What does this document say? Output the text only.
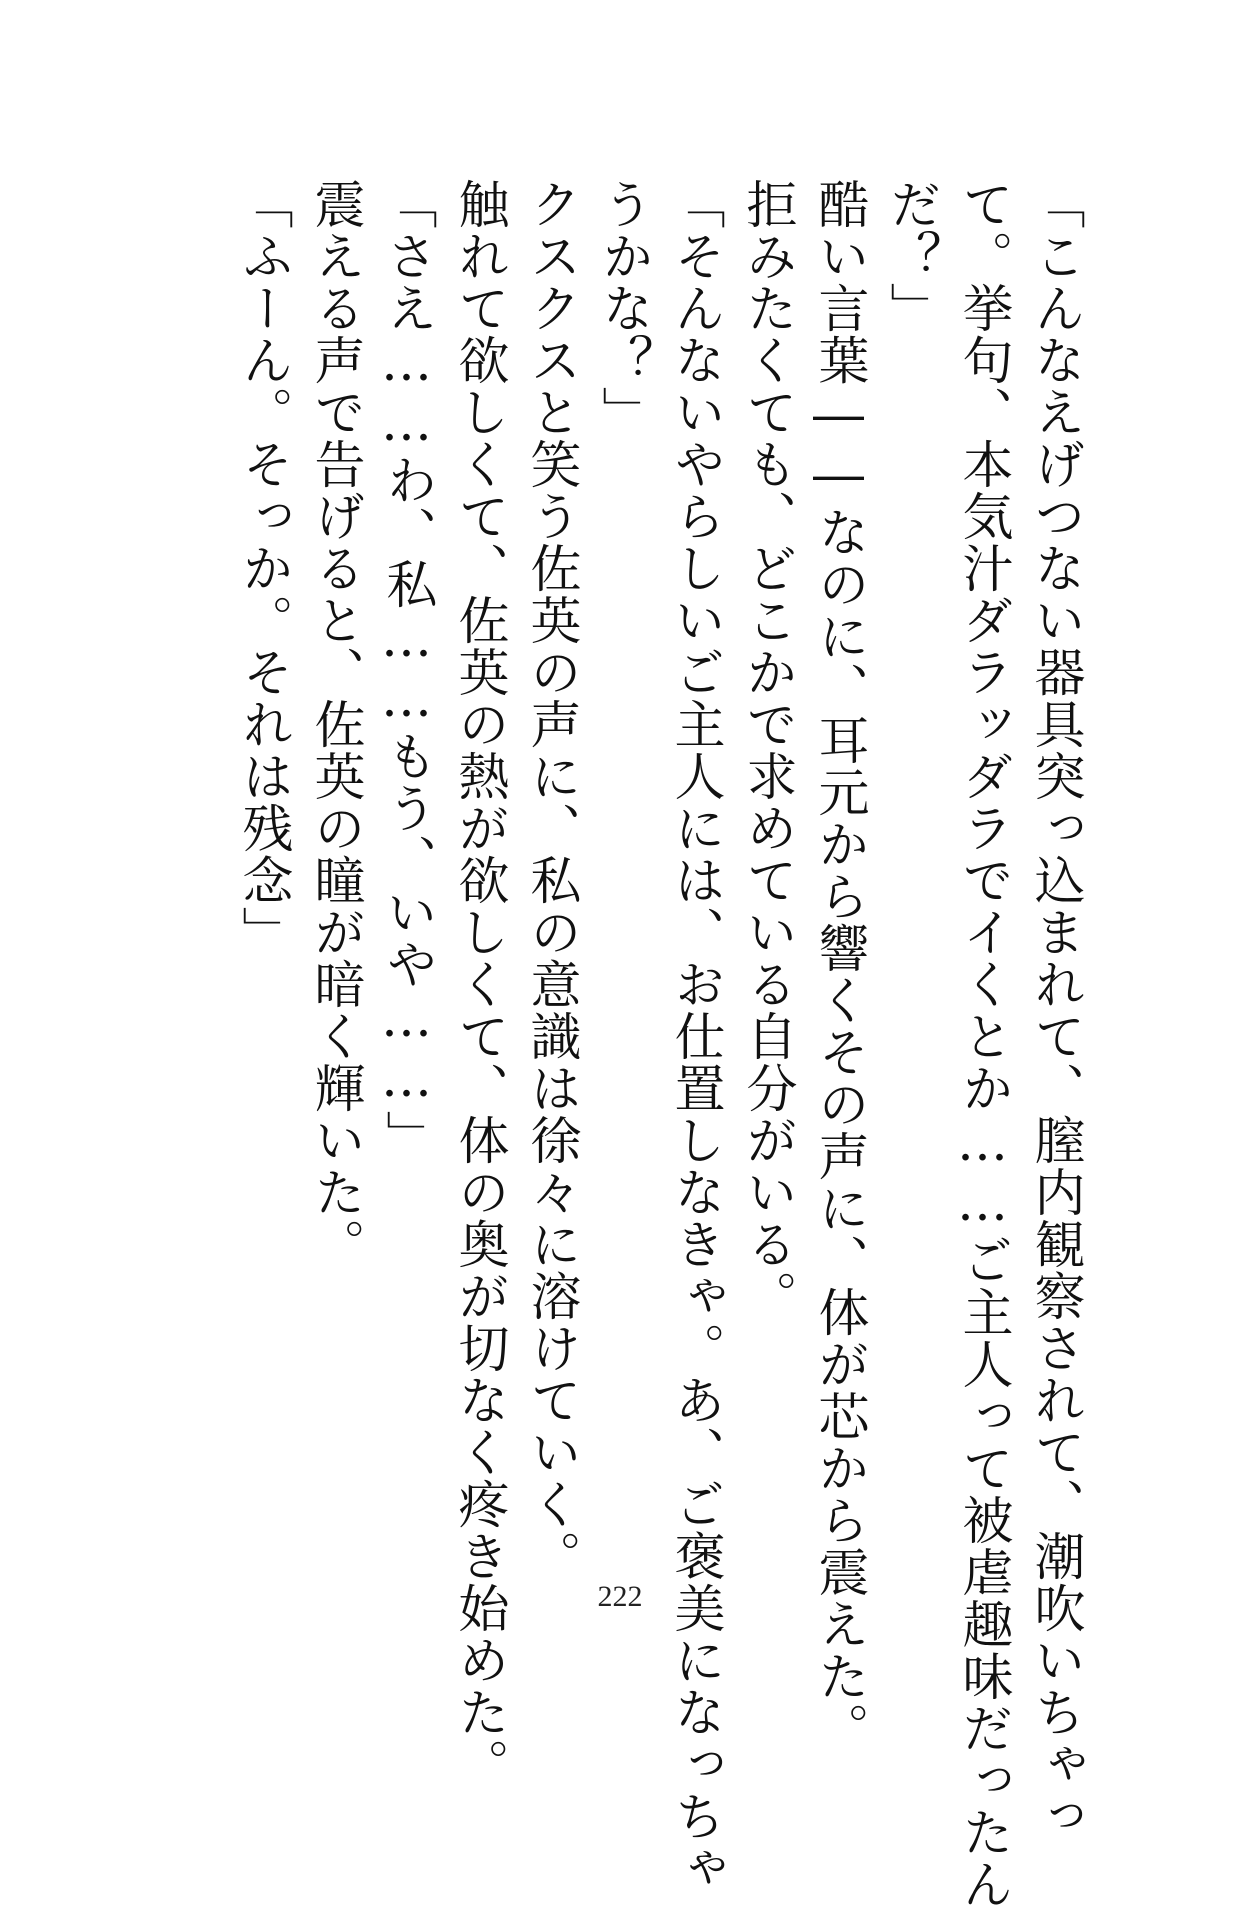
「こんなえげつない器具突っ込まれて、膣内観察されて、潮吹いちゃっ
て。挙句、本気汁ダラッダラでイくとか……ご主人って被虐趣味だったん
だ？」
酷い言葉――なのに、耳元から響くその声に、体が芯から震えた。
拒みたくても、どこかで求めている自分がいる。
「そんないやらしいご主人には、お仕置しなきゃ。あ、ご褒美になっちゃ
うかな？」
クスクスと笑う佐英の声に、私の意識は徐々に溶けていく。
触れて欲しくて、佐英の熱が欲しくて、体の奥が切なく疼き始めた。
「さえ……わ、私……もう、いや……」
震える声で告げると、佐英の瞳が暗く輝いた。
「ふーん。そっか。それは残念」
222
